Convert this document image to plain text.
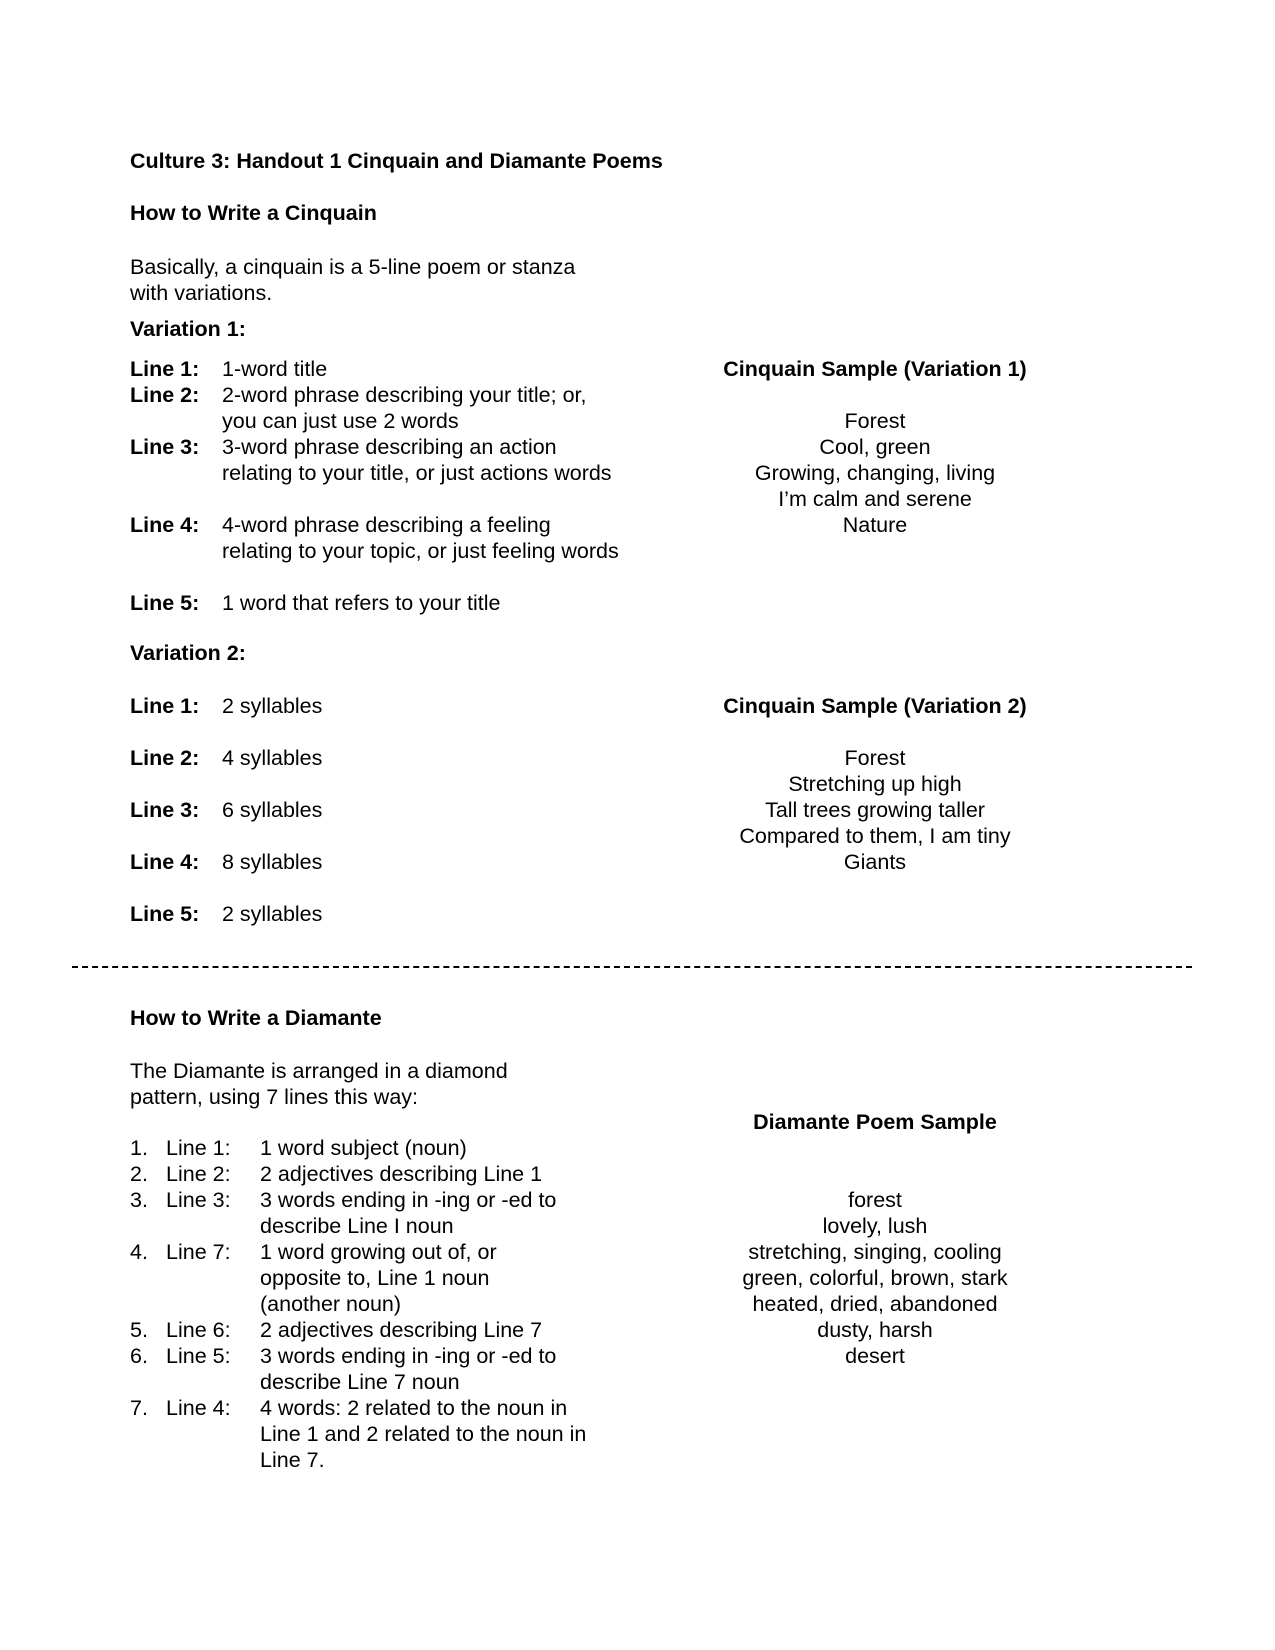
Culture 3: Handout 1 Cinquain and Diamante Poems
How to Write a Cinquain

Basically, a cinquain is a 5-line poem or stanza with variations.

Variation 1:
Line 1: 1-word title
Line 2: 2-word phrase describing your title; or, you can just use 2 words
Line 3: 3-word phrase describing an action relating to your title, or just actions words
Line 4: 4-word phrase describing a feeling relating to your topic, or just feeling words
Line 5: 1 word that refers to your title
Variation 2:
Line 1: 2 syllables
Line 2: 4 syllables
Line 3: 6 syllables
Line 4: 8 syllables
Line 5: 2 syllables
Cinquain Sample (Variation 1)
Forest
Cool, green
Growing, changing, living
I’m calm and serene
Nature
Cinquain Sample (Variation 2)
Forest
Stretching up high
Tall trees growing taller
Compared to them, I am tiny
Giants
How to Write a Diamante

The Diamante is arranged in a diamond pattern, using 7 lines this way:

1. Line 1: 1 word subject (noun)
2. Line 2: 2 adjectives describing Line 1
3. Line 3: 3 words ending in -ing or -ed to describe Line I noun
4. Line 7: 1 word growing out of, or opposite to, Line 1 noun (another noun)
5. Line 6: 2 adjectives describing Line 7
6. Line 5: 3 words ending in -ing or -ed to describe Line 7 noun
7. Line 4: 4 words: 2 related to the noun in Line 1 and 2 related to the noun in Line 7.
Diamante Poem Sample
forest
lovely, lush
stretching, singing, cooling
green, colorful, brown, stark
heated, dried, abandoned
dusty, harsh
desert
